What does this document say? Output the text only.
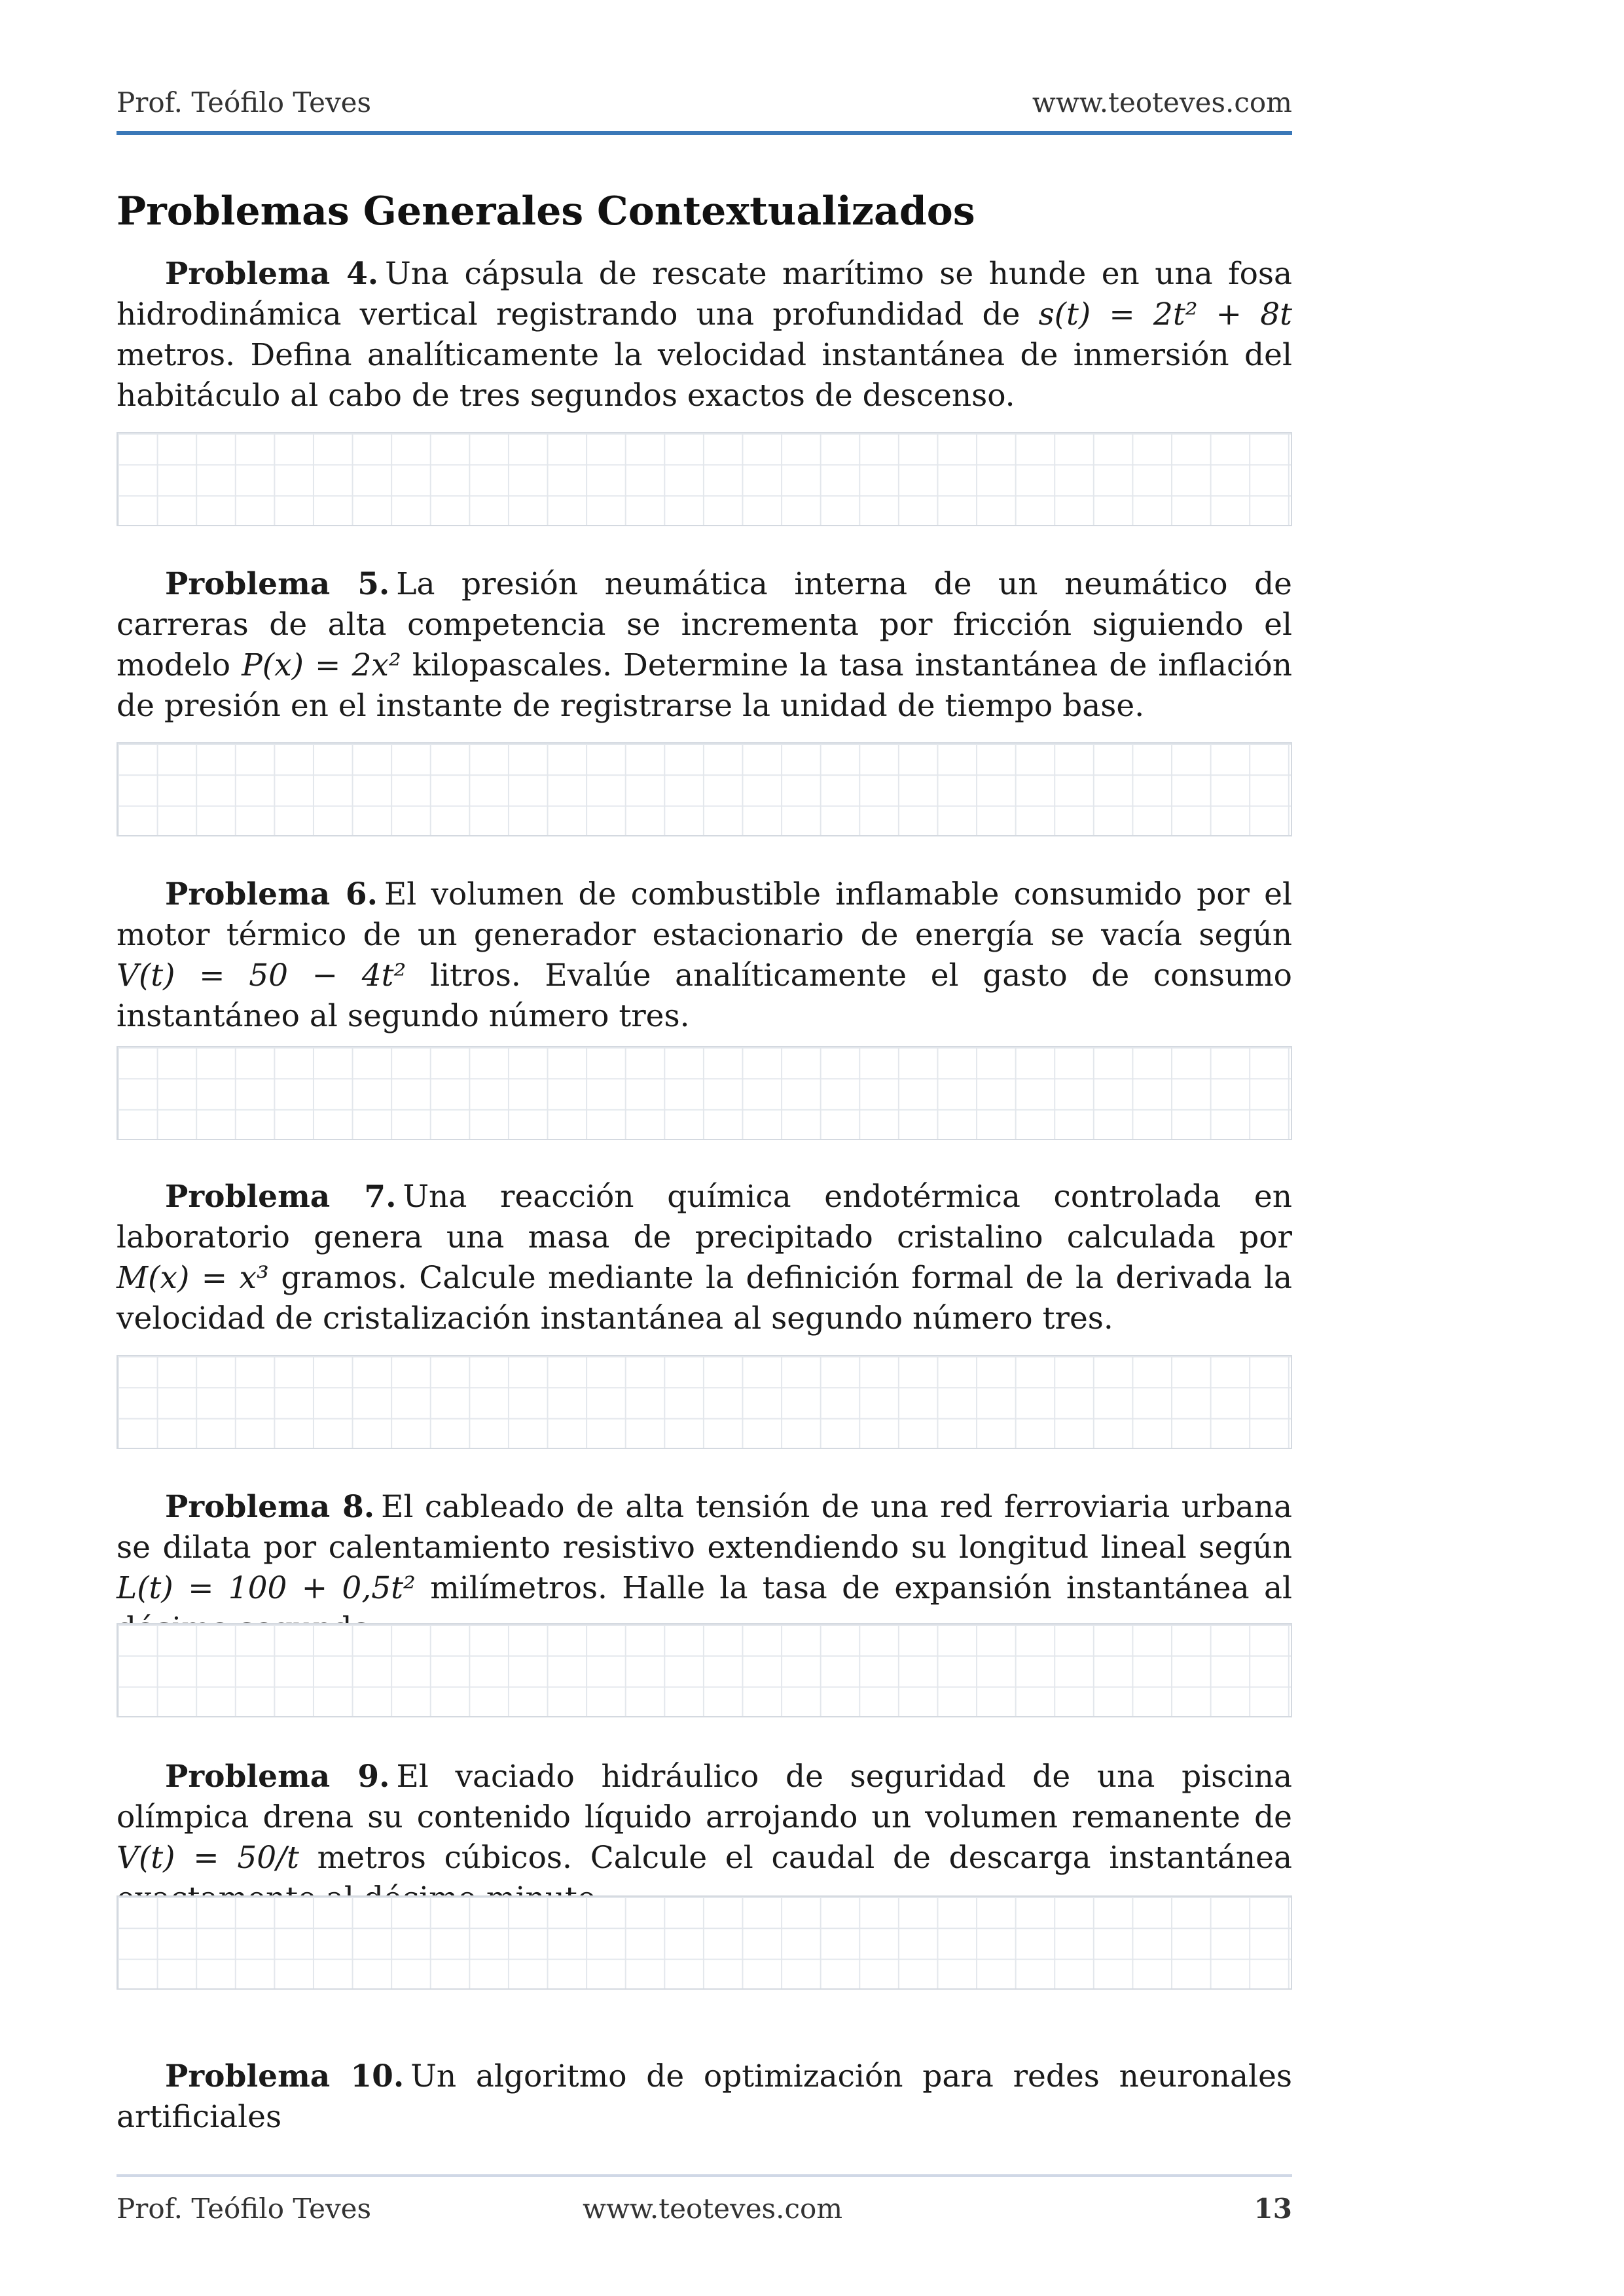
Prof. Teófilo Teves	www.teoteves.com
Problemas Generales Contextualizados
Problema 4. Una cápsula de rescate marítimo se hunde en una fosa hidrodinámica vertical registrando una profundidad de s(t) = 2t² + 8t metros. Defina analíticamente la velocidad instantánea de inmersión del habitáculo al cabo de tres segundos exactos de descenso.
Problema 5. La presión neumática interna de un neumático de carreras de alta competencia se incrementa por fricción siguiendo el modelo P(x) = 2x² kilopascales. Determine la tasa instantánea de inflación de presión en el instante de registrarse la unidad de tiempo base.
Problema 6. El volumen de combustible inflamable consumido por el motor térmico de un generador estacionario de energía se vacía según V(t) = 50 − 4t² litros. Evalúe analíticamente el gasto de consumo instantáneo al segundo número tres.
Problema 7. Una reacción química endotérmica controlada en laboratorio genera una masa de precipitado cristalino calculada por M(x) = x³ gramos. Calcule mediante la definición formal de la derivada la velocidad de cristalización instantánea al segundo número tres.
Problema 8. El cableado de alta tensión de una red ferroviaria urbana se dilata por calentamiento resistivo extendiendo su longitud lineal según L(t) = 100 + 0,5t² milímetros. Halle la tasa de expansión instantánea al
Problema 9. El vaciado hidráulico de seguridad de una piscina olímpica drena su contenido líquido arrojando un volumen remanente de V(t) = 50/t metros cúbicos. Calcule el caudal de descarga instantánea
Problema 10. Un algoritmo de optimización para redes neuronales artificiales
Prof. Teófilo Teves	www.teoteves.com	13
